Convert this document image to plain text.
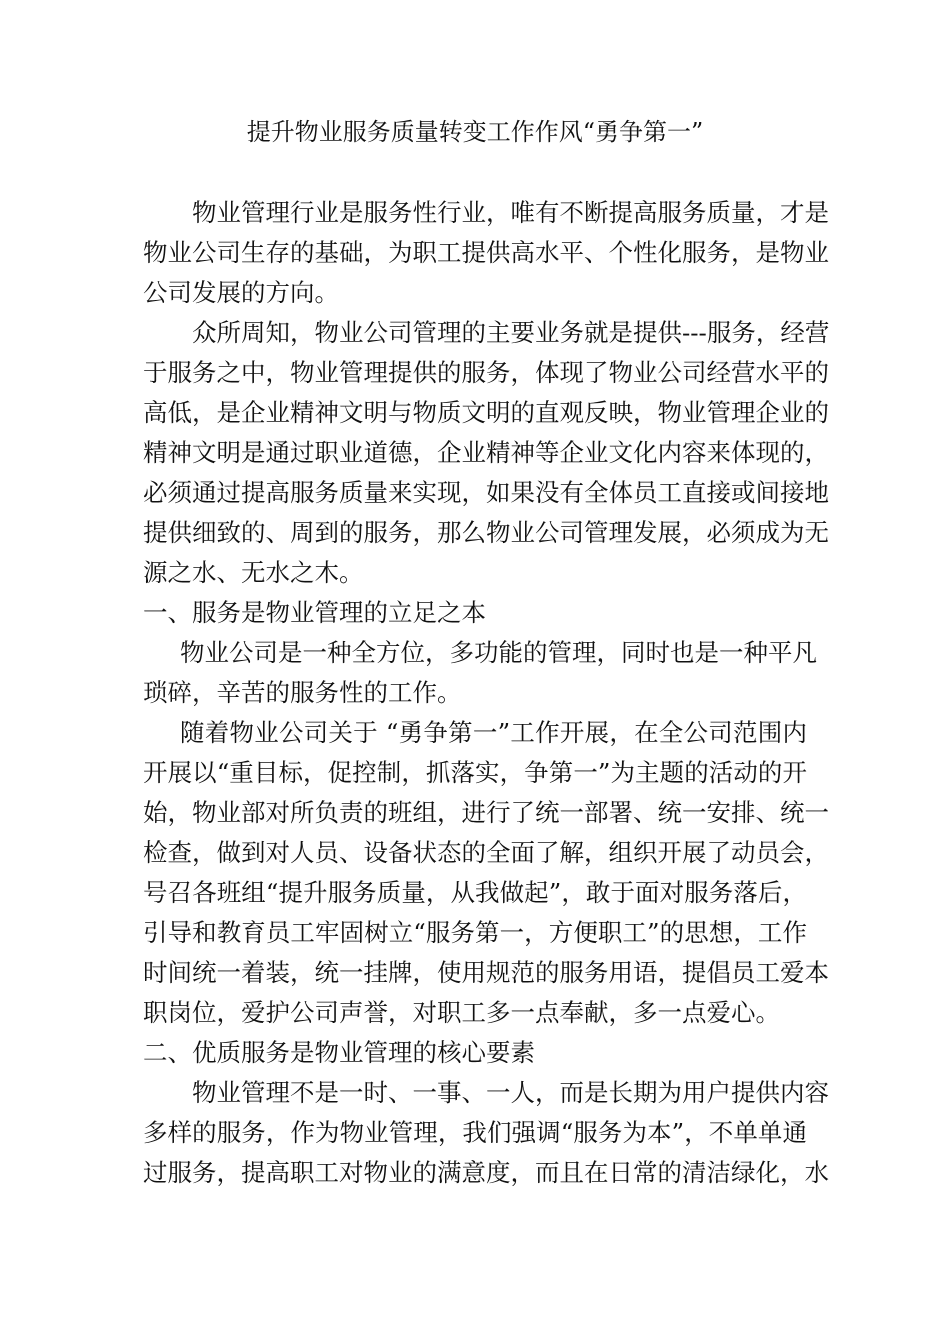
提升物业服务质量转变工作作风“勇争第一”
物业管理行业是服务性行业，唯有不断提高服务质量，才是
物业公司生存的基础，为职工提供高水平、个性化服务，是物业
公司发展的方向。
众所周知，物业公司管理的主要业务就是提供---服务，经营
于服务之中，物业管理提供的服务，体现了物业公司经营水平的
高低，是企业精神文明与物质文明的直观反映，物业管理企业的
精神文明是通过职业道德，企业精神等企业文化内容来体现的，
必须通过提高服务质量来实现，如果没有全体员工直接或间接地
提供细致的、周到的服务，那么物业公司管理发展，必须成为无
源之水、无水之木。
一、服务是物业管理的立足之本
物业公司是一种全方位，多功能的管理，同时也是一种平凡
琐碎，辛苦的服务性的工作。
随着物业公司关于 “勇争第一”工作开展，在全公司范围内
开展以“重目标，促控制，抓落实，争第一”为主题的活动的开
始，物业部对所负责的班组，进行了统一部署、统一安排、统一
检查，做到对人员、设备状态的全面了解，组织开展了动员会，
号召各班组“提升服务质量，从我做起”，敢于面对服务落后，
引导和教育员工牢固树立“服务第一，方便职工”的思想，工作
时间统一着装，统一挂牌，使用规范的服务用语，提倡员工爱本
职岗位，爱护公司声誉，对职工多一点奉献，多一点爱心。
二、优质服务是物业管理的核心要素
物业管理不是一时、一事、一人，而是长期为用户提供内容
多样的服务，作为物业管理，我们强调“服务为本”，不单单通
过服务，提高职工对物业的满意度，而且在日常的清洁绿化，水
